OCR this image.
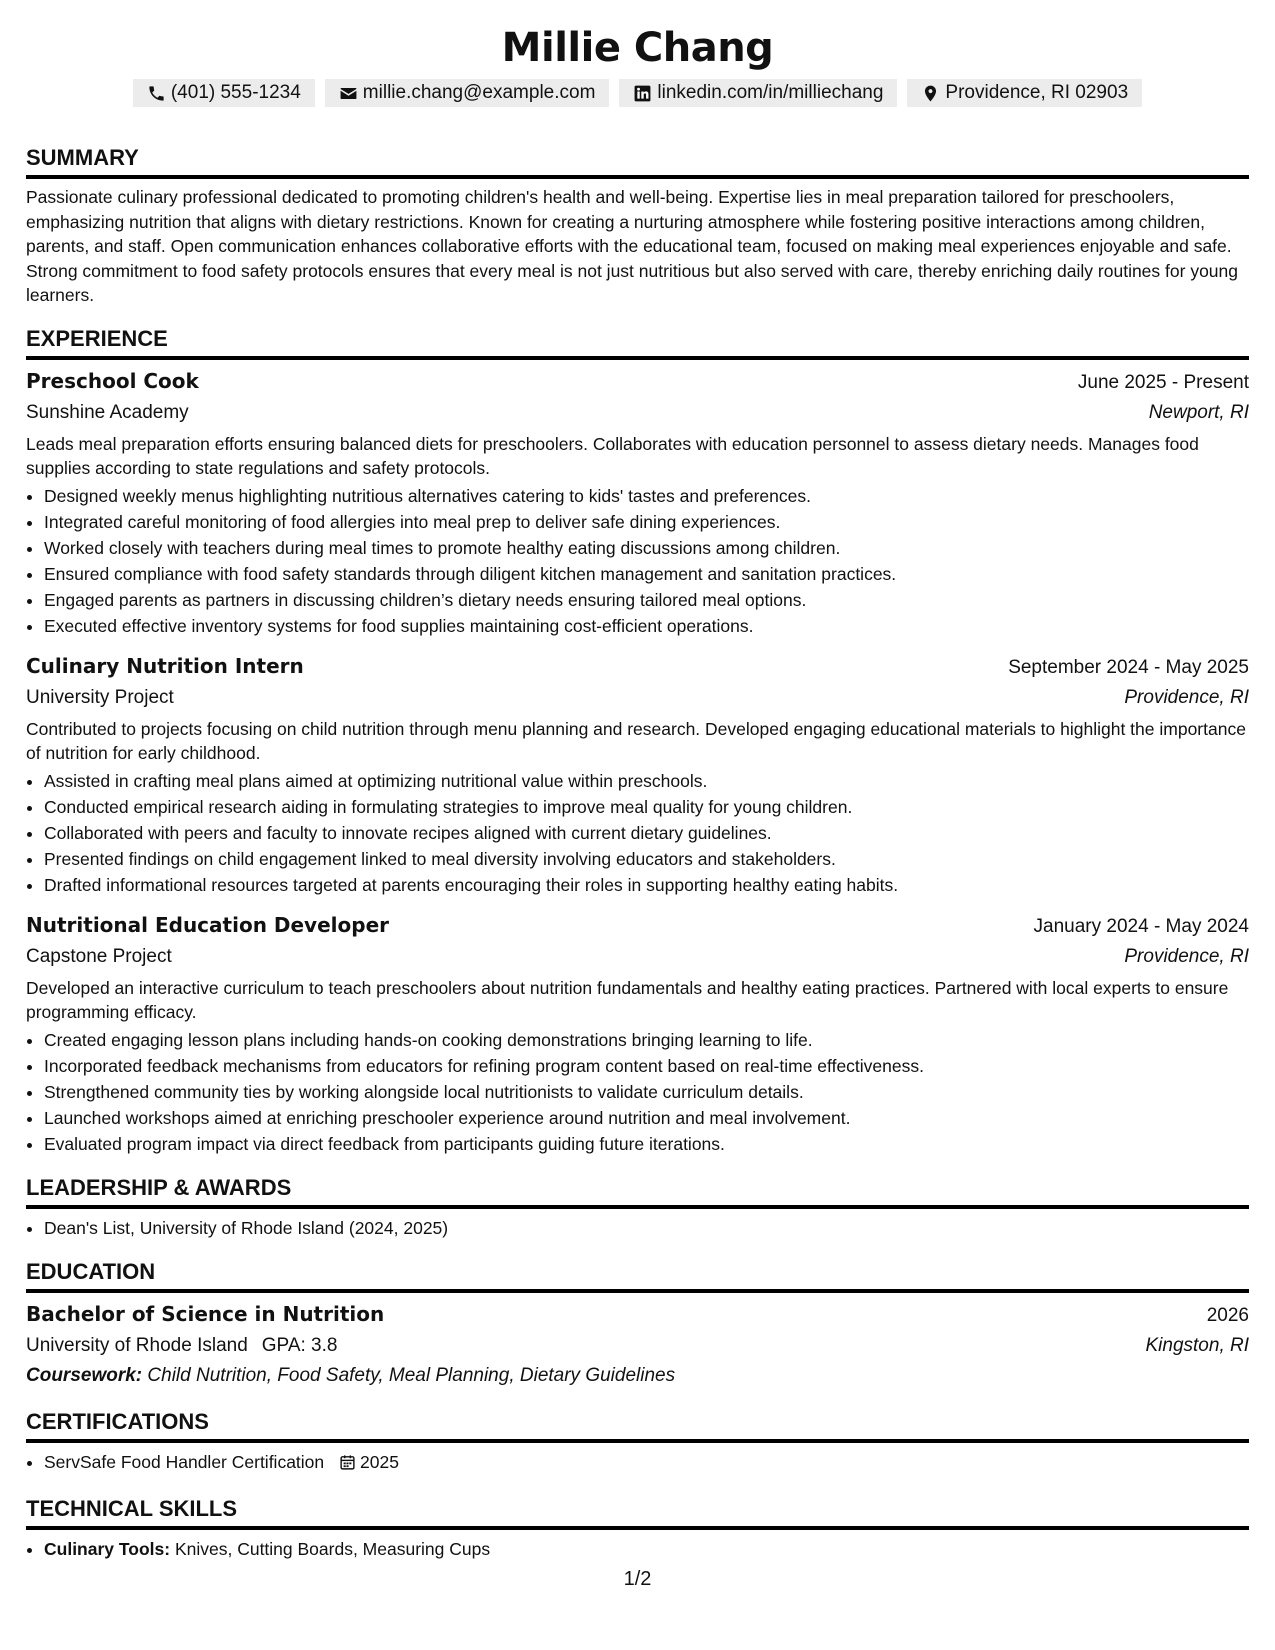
Millie Chang
(401) 555-1234	millie.chang@example.com	linkedin.com/in/milliechang	Providence, RI 02903
SUMMARY
Passionate culinary professional dedicated to promoting children's health and well-being. Expertise lies in meal preparation tailored for preschoolers, emphasizing nutrition that aligns with dietary restrictions. Known for creating a nurturing atmosphere while fostering positive interactions among children, parents, and staff. Open communication enhances collaborative efforts with the educational team, focused on making meal experiences enjoyable and safe. Strong commitment to food safety protocols ensures that every meal is not just nutritious but also served with care, thereby enriching daily routines for young learners.
EXPERIENCE
Preschool Cook	June 2025 - Present
Sunshine Academy	Newport, RI
Leads meal preparation efforts ensuring balanced diets for preschoolers. Collaborates with education personnel to assess dietary needs. Manages food supplies according to state regulations and safety protocols.
• Designed weekly menus highlighting nutritious alternatives catering to kids' tastes and preferences.
• Integrated careful monitoring of food allergies into meal prep to deliver safe dining experiences.
• Worked closely with teachers during meal times to promote healthy eating discussions among children.
• Ensured compliance with food safety standards through diligent kitchen management and sanitation practices.
• Engaged parents as partners in discussing children’s dietary needs ensuring tailored meal options.
• Executed effective inventory systems for food supplies maintaining cost-efficient operations.
Culinary Nutrition Intern	September 2024 - May 2025
University Project	Providence, RI
Contributed to projects focusing on child nutrition through menu planning and research. Developed engaging educational materials to highlight the importance of nutrition for early childhood.
• Assisted in crafting meal plans aimed at optimizing nutritional value within preschools.
• Conducted empirical research aiding in formulating strategies to improve meal quality for young children.
• Collaborated with peers and faculty to innovate recipes aligned with current dietary guidelines.
• Presented findings on child engagement linked to meal diversity involving educators and stakeholders.
• Drafted informational resources targeted at parents encouraging their roles in supporting healthy eating habits.
Nutritional Education Developer	January 2024 - May 2024
Capstone Project	Providence, RI
Developed an interactive curriculum to teach preschoolers about nutrition fundamentals and healthy eating practices. Partnered with local experts to ensure programming efficacy.
• Created engaging lesson plans including hands-on cooking demonstrations bringing learning to life.
• Incorporated feedback mechanisms from educators for refining program content based on real-time effectiveness.
• Strengthened community ties by working alongside local nutritionists to validate curriculum details.
• Launched workshops aimed at enriching preschooler experience around nutrition and meal involvement.
• Evaluated program impact via direct feedback from participants guiding future iterations.
LEADERSHIP & AWARDS
• Dean's List, University of Rhode Island (2024, 2025)
EDUCATION
Bachelor of Science in Nutrition	2026
University of Rhode Island GPA: 3.8	Kingston, RI
Coursework: Child Nutrition, Food Safety, Meal Planning, Dietary Guidelines
CERTIFICATIONS
• ServSafe Food Handler Certification 2025
TECHNICAL SKILLS
• Culinary Tools: Knives, Cutting Boards, Measuring Cups
1/2
